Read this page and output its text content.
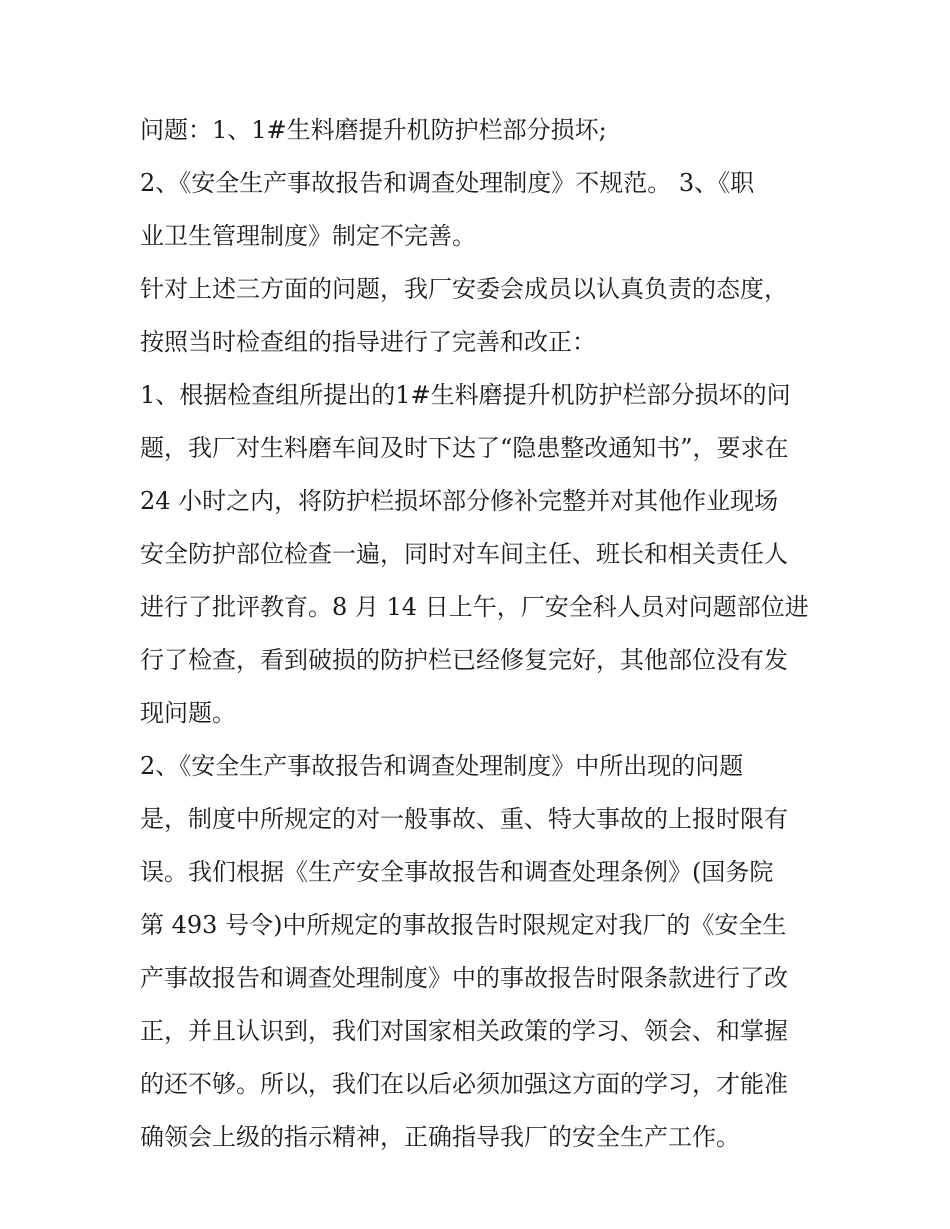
问题：1、1#生料磨提升机防护栏部分损坏;
2、《安全生产事故报告和调查处理制度》不规范。 3、《职
业卫生管理制度》制定不完善。
针对上述三方面的问题，我厂安委会成员以认真负责的态度，
按照当时检查组的指导进行了完善和改正：
1、根据检查组所提出的1#生料磨提升机防护栏部分损坏的问
题，我厂对生料磨车间及时下达了“隐患整改通知书”，要求在
24 小时之内，将防护栏损坏部分修补完整并对其他作业现场
安全防护部位检查一遍，同时对车间主任、班长和相关责任人
进行了批评教育。8 月 14 日上午，厂安全科人员对问题部位进
行了检查，看到破损的防护栏已经修复完好，其他部位没有发
现问题。
2、《安全生产事故报告和调查处理制度》中所出现的问题
是，制度中所规定的对一般事故、重、特大事故的上报时限有
误。我们根据《生产安全事故报告和调查处理条例》(国务院
第 493 号令)中所规定的事故报告时限规定对我厂的《安全生
产事故报告和调查处理制度》中的事故报告时限条款进行了改
正，并且认识到，我们对国家相关政策的学习、领会、和掌握
的还不够。所以，我们在以后必须加强这方面的学习，才能准
确领会上级的指示精神，正确指导我厂的安全生产工作。
